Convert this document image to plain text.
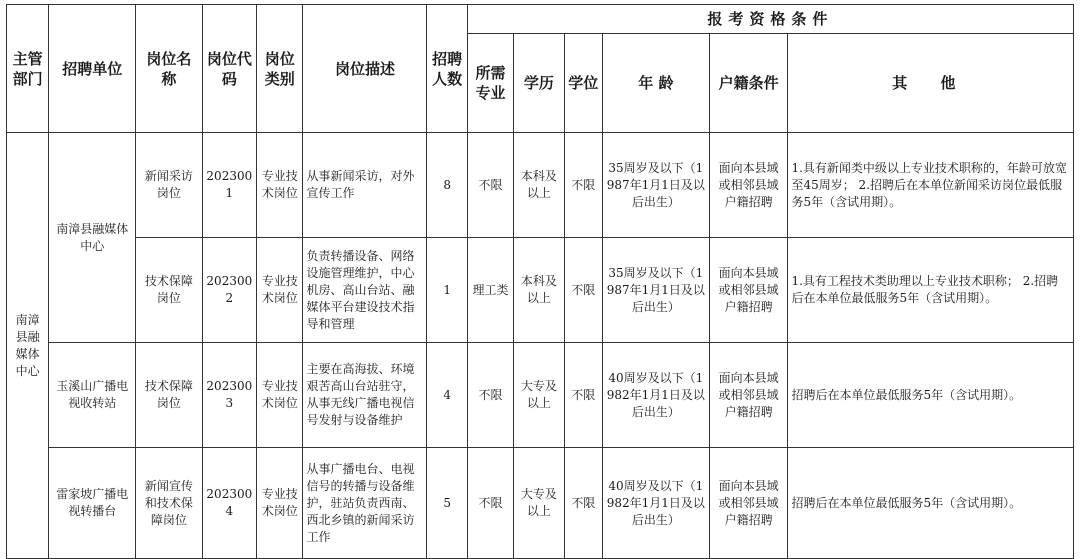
主管部门	招聘单位	岗位名称	岗位代码	岗位类别	岗位描述	招聘人数	报考资格条件					
							所需专业	学历	学位	年 龄	户籍条件	其 他
南漳县融媒体中心	南漳县融媒体中心	新闻采访岗位	2023001	专业技术岗位	从事新闻采访，对外宣传工作	8	不限	本科及以上	不限	35周岁及以下（1987年1月1日及以后出生）	面向本县域或相邻县域户籍招聘	1.具有新闻类中级以上专业技术职称的，年龄可放宽至45周岁； 2.招聘后在本单位新闻采访岗位最低服务5年（含试用期）。
		技术保障岗位	2023002	专业技术岗位	负责转播设备、网络设施管理维护，中心机房、高山台站、融媒体平台建设技术指导和管理	1	理工类	本科及以上	不限	35周岁及以下（1987年1月1日及以后出生）	面向本县域或相邻县域户籍招聘	1.具有工程技术类助理以上专业技术职称； 2.招聘后在本单位最低服务5年（含试用期）。
	玉溪山广播电视收转站	技术保障岗位	2023003	专业技术岗位	主要在高海拔、环境艰苦高山台站驻守，从事无线广播电视信号发射与设备维护	4	不限	大专及以上	不限	40周岁及以下（1982年1月1日及以后出生）	面向本县域或相邻县域户籍招聘	招聘后在本单位最低服务5年（含试用期）。
	雷家坡广播电视转播台	新闻宣传和技术保障岗位	2023004	专业技术岗位	从事广播电台、电视信号的转播与设备维护，驻站负责西南、西北乡镇的新闻采访工作	5	不限	大专及以上	不限	40周岁及以下（1982年1月1日及以后出生）	面向本县域或相邻县域户籍招聘	招聘后在本单位最低服务5年（含试用期）。
